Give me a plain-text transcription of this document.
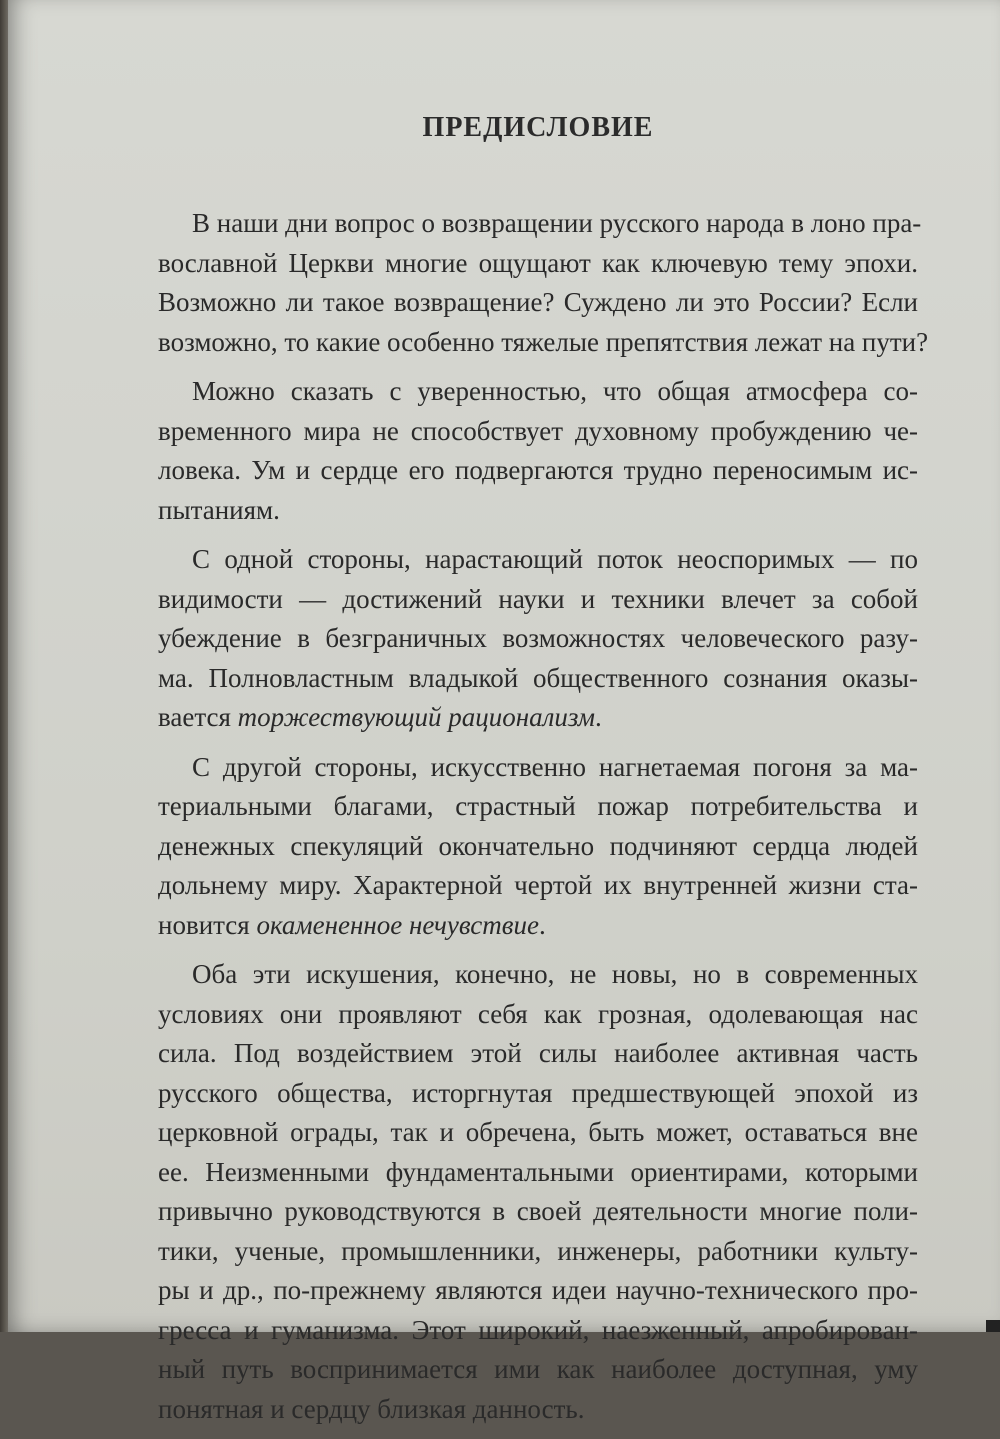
ПРЕДИСЛОВИЕ

В наши дни вопрос о возвращении русского народа в лоно пра-
вославной Церкви многие ощущают как ключевую тему эпохи.
Возможно ли такое возвращение? Суждено ли это России? Если
возможно, то какие особенно тяжелые препятствия лежат на пути?

Можно сказать с уверенностью, что общая атмосфера со-
временного мира не способствует духовному пробуждению че-
ловека. Ум и сердце его подвергаются трудно переносимым ис-
пытаниям.

С одной стороны, нарастающий поток неоспоримых — по
видимости — достижений науки и техники влечет за собой
убеждение в безграничных возможностях человеческого разу-
ма. Полновластным владыкой общественного сознания оказы-
вается торжествующий рационализм.

С другой стороны, искусственно нагнетаемая погоня за ма-
териальными благами, страстный пожар потребительства и
денежных спекуляций окончательно подчиняют сердца людей
дольнему миру. Характерной чертой их внутренней жизни ста-
новится окамененное нечувствие.

Оба эти искушения, конечно, не новы, но в современных
условиях они проявляют себя как грозная, одолевающая нас
сила. Под воздействием этой силы наиболее активная часть
русского общества, исторгнутая предшествующей эпохой из
церковной ограды, так и обречена, быть может, оставаться вне
ее. Неизменными фундаментальными ориентирами, которыми
привычно руководствуются в своей деятельности многие поли-
тики, ученые, промышленники, инженеры, работники культу-
ры и др., по-прежнему являются идеи научно-технического про-
гресса и гуманизма. Этот широкий, наезженный, апробирован-
ный путь воспринимается ими как наиболее доступная, уму
понятная и сердцу близкая данность.
